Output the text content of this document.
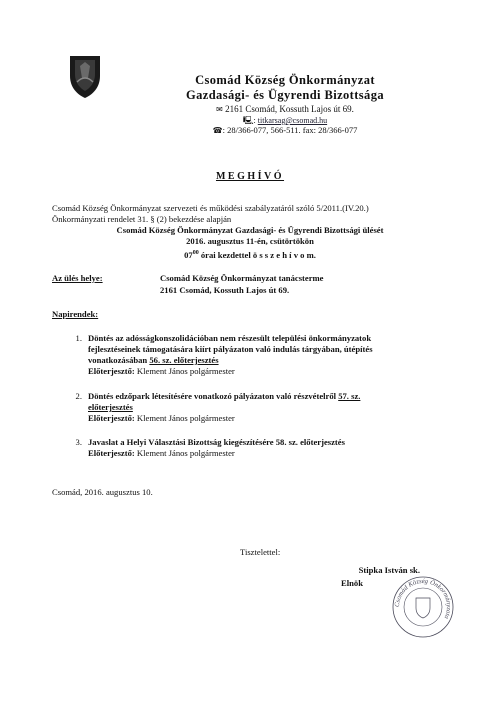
Csomád Község Önkormányzat
Gazdasági- és Ügyrendi Bizottsága
✉ 2161 Csomád, Kossuth Lajos út 69.
🖳: titkarsag@csomad.hu
☎: 28/366-077, 566-511. fax: 28/366-077
MEGHÍVÓ
Csomád Község Önkormányzat szervezeti és működési szabályzatáról szóló 5/2011.(IV.20.)
Önkormányzati rendelet 31. § (2) bekezdése alapján
Csomád Község Önkormányzat Gazdasági- és Ügyrendi Bizottsági ülését
2016. augusztus 11-én, csütörtökön
$07^{00}$ órai kezdettel ö s s z e h í v o m.
Az ülés helye:	Csomád Község Önkormányzat tanácsterme
2161 Csomád, Kossuth Lajos út 69.
Napirendek:
1. Döntés az adósságkonszolidációban nem részesült települési önkormányzatok
fejlesztéseinek támogatására kiírt pályázaton való indulás tárgyában, útépítés
vonatkozásában 56. sz. előterjesztés
Előterjesztő: Klement János polgármester
2. Döntés edzőpark létesítésére vonatkozó pályázaton való részvételről 57. sz.
előterjesztés
Előterjesztő: Klement János polgármester
3. Javaslat a Helyi Választási Bizottság kiegészítésére 58. sz. előterjesztés
Előterjesztő: Klement János polgármester
Csomád, 2016. augusztus 10.
Tisztelettel:
Csomád Község Önkormányzata
Stipka István sk.
Elnök
